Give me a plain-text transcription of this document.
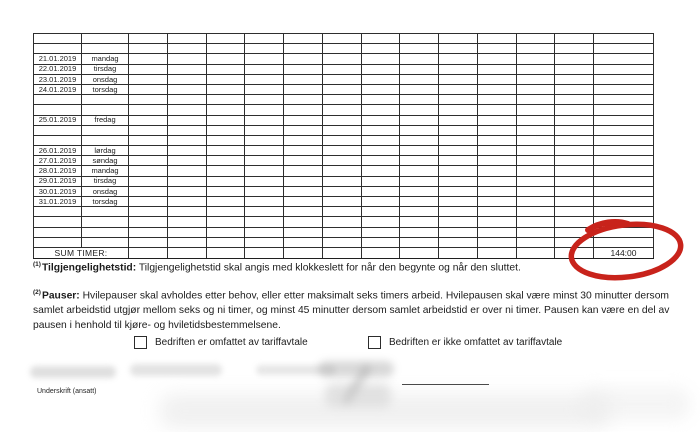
21.01.2019	mandag													
22.01.2019	tirsdag													
23.01.2019	onsdag													
24.01.2019	torsdag													

25.01.2019	fredag													

26.01.2019	lørdag													
27.01.2019	søndag													
28.01.2019	mandag													
29.01.2019	tirsdag													
30.01.2019	onsdag													
31.01.2019	torsdag													

SUM TIMER:														144:00
$^{(1)}$Tilgjengelighetstid: Tilgjengelighetstid skal angis med klokkeslett for når den begynte og når den sluttet.
$^{(2)}$Pauser: Hvilepauser skal avholdes etter behov, eller etter maksimalt seks timers arbeid. Hvilepausen skal være minst 30 minutter dersom samlet arbeidstid utgjør mellom seks og ni timer, og minst 45 minutter dersom samlet arbeidstid er over ni timer. Pausen kan være en del av pausen i henhold til kjøre- og hviletidsbestemmelsene.
Bedriften er omfattet av tariffavtale	Bedriften er ikke omfattet av tariffavtale
Underskrift (ansatt)
